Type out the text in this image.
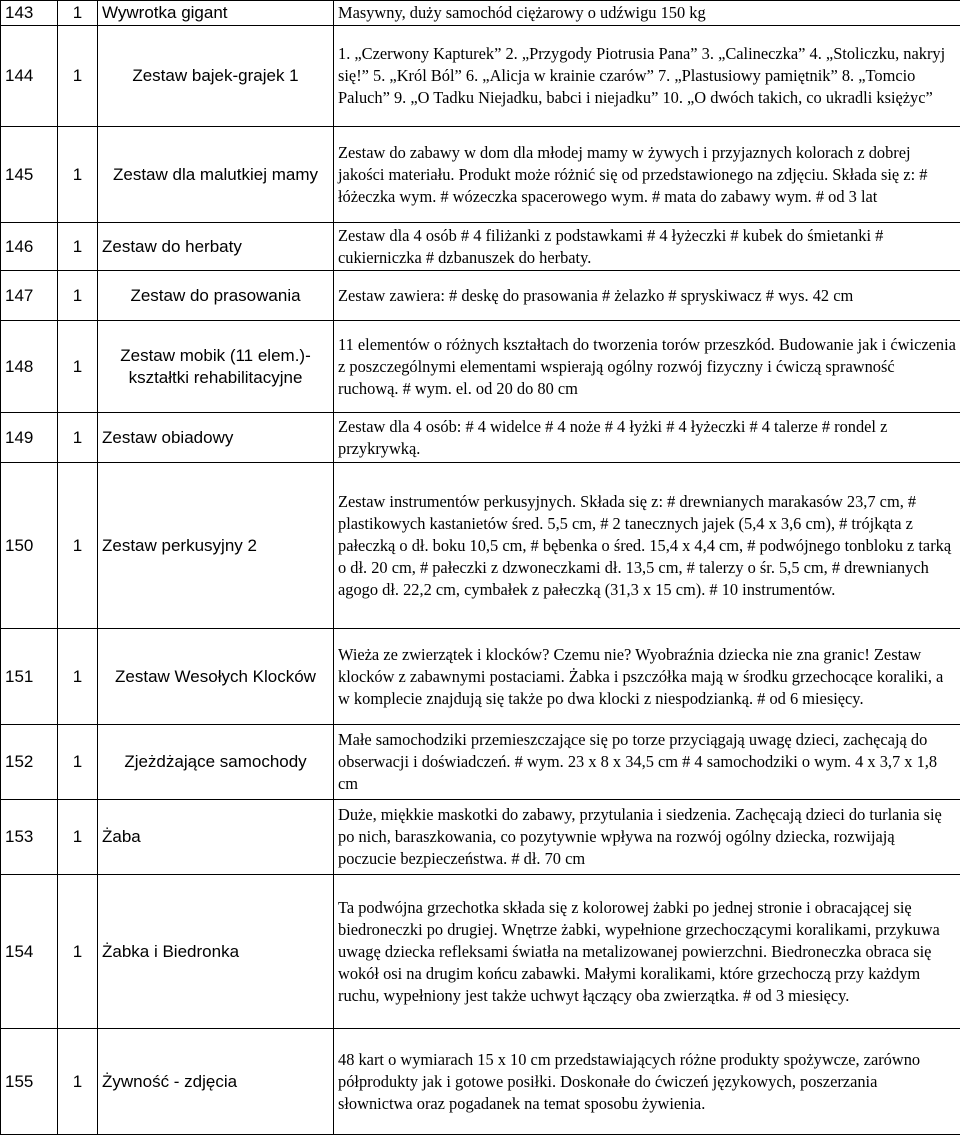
143	1	Wywrotka gigant	Masywny, duży samochód ciężarowy o udźwigu 150 kg
144	1	Zestaw bajek-grajek 1	1. „Czerwony Kapturek” 2. „Przygody Piotrusia Pana” 3. „Calineczka” 4. „Stoliczku, nakryj się!” 5. „Król Ból” 6. „Alicja w krainie czarów” 7. „Plastusiowy pamiętnik” 8. „Tomcio Paluch” 9. „O Tadku Niejadku, babci i niejadku” 10. „O dwóch takich, co ukradli księżyc”
145	1	Zestaw dla malutkiej mamy	Zestaw do zabawy w dom dla młodej mamy w żywych i przyjaznych kolorach z dobrej jakości materiału. Produkt może różnić się od przedstawionego na zdjęciu. Składa się z: # łóżeczka wym. # wózeczka spacerowego wym. # mata do zabawy wym. # od 3 lat
146	1	Zestaw do herbaty	Zestaw dla 4 osób # 4 filiżanki z podstawkami # 4 łyżeczki # kubek do śmietanki # cukierniczka # dzbanuszek do herbaty.
147	1	Zestaw do prasowania	Zestaw zawiera: # deskę do prasowania # żelazko # spryskiwacz # wys. 42 cm
148	1	Zestaw mobik (11 elem.)- kształtki rehabilitacyjne	11 elementów o różnych kształtach do tworzenia torów przeszkód. Budowanie jak i ćwiczenia z poszczególnymi elementami wspierają ogólny rozwój fizyczny i ćwiczą sprawność ruchową. # wym. el. od 20 do 80 cm
149	1	Zestaw obiadowy	Zestaw dla 4 osób: # 4 widelce # 4 noże # 4 łyżki # 4 łyżeczki # 4 talerze # rondel z przykrywką.
150	1	Zestaw perkusyjny 2	Zestaw instrumentów perkusyjnych. Składa się z: # drewnianych marakasów 23,7 cm, # plastikowych kastanietów śred. 5,5 cm, # 2 tanecznych jajek (5,4 x 3,6 cm), # trójkąta z pałeczką o dł. boku 10,5 cm, # bębenka o śred. 15,4 x 4,4 cm, # podwójnego tonbloku z tarką o dł. 20 cm, # pałeczki z dzwoneczkami dł. 13,5 cm, # talerzy o śr. 5,5 cm, # drewnianych agogo dł. 22,2 cm, cymbałek z pałeczką (31,3 x 15 cm). # 10 instrumentów.
151	1	Zestaw Wesołych Klocków	Wieża ze zwierzątek i klocków? Czemu nie? Wyobraźnia dziecka nie zna granic! Zestaw klocków z zabawnymi postaciami. Żabka i pszczółka mają w środku grzechocące koraliki, a w komplecie znajdują się także po dwa klocki z niespodzianką. # od 6 miesięcy.
152	1	Zjeżdżające samochody	Małe samochodziki przemieszczające się po torze przyciągają uwagę dzieci, zachęcają do obserwacji i doświadczeń. # wym. 23 x 8 x 34,5 cm # 4 samochodziki o wym. 4 x 3,7 x 1,8 cm
153	1	Żaba	Duże, miękkie maskotki do zabawy, przytulania i siedzenia. Zachęcają dzieci do turlania się po nich, baraszkowania, co pozytywnie wpływa na rozwój ogólny dziecka, rozwijają poczucie bezpieczeństwa. # dł. 70 cm
154	1	Żabka i Biedronka	Ta podwójna grzechotka składa się z kolorowej żabki po jednej stronie i obracającej się biedroneczki po drugiej. Wnętrze żabki, wypełnione grzechoczącymi koralikami, przykuwa uwagę dziecka refleksami światła na metalizowanej powierzchni. Biedroneczka obraca się wokół osi na drugim końcu zabawki. Małymi koralikami, które grzechoczą przy każdym ruchu, wypełniony jest także uchwyt łączący oba zwierzątka. # od 3 miesięcy.
155	1	Żywność - zdjęcia	48 kart o wymiarach 15 x 10 cm przedstawiających różne produkty spożywcze, zarówno półprodukty jak i gotowe posiłki. Doskonałe do ćwiczeń językowych, poszerzania słownictwa oraz pogadanek na temat sposobu żywienia.
